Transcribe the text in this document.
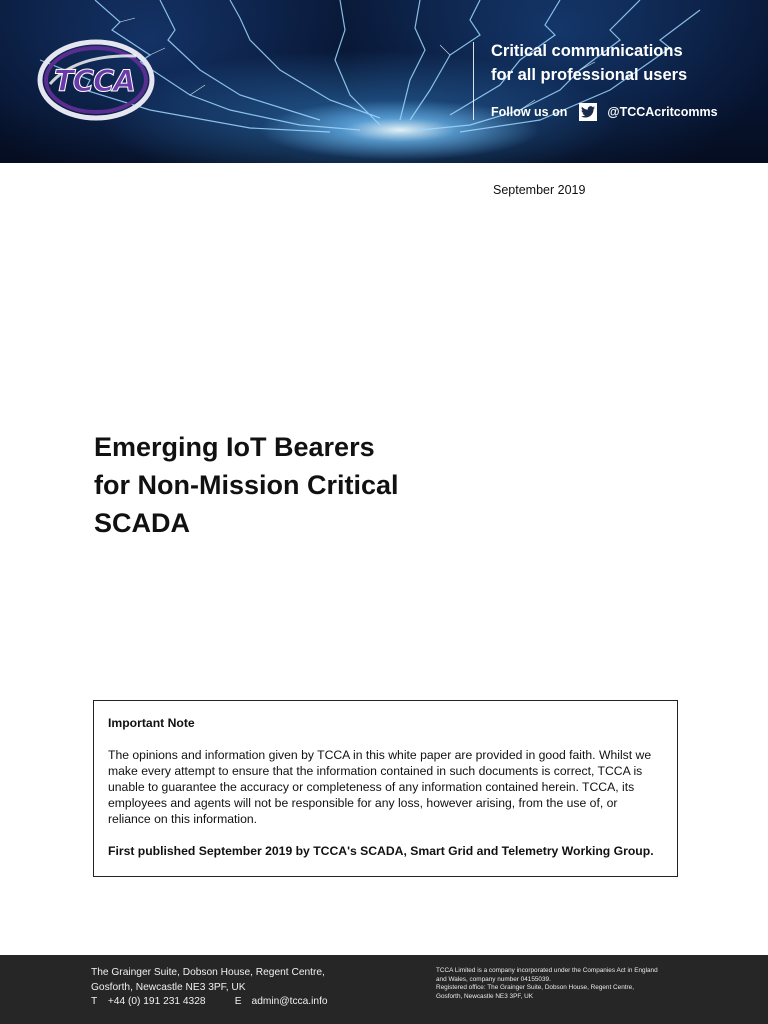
TCCA
Critical communications
for all professional users
Follow us on	@TCCAcritcomms
September 2019
Emerging IoT Bearers
for Non-Mission Critical
SCADA
Important Note
The opinions and information given by TCCA in this white paper are provided in good faith. Whilst we make every attempt to ensure that the information contained in such documents is correct, TCCA is unable to guarantee the accuracy or completeness of any information contained herein. TCCA, its employees and agents will not be responsible for any loss, however arising, from the use of, or reliance on this information.
First published September 2019 by TCCA's SCADA, Smart Grid and Telemetry Working Group.
The Grainger Suite, Dobson House, Regent Centre,
Gosforth, Newcastle NE3 3PF, UK
T +44 (0) 191 231 4328	E admin@tcca.info
TCCA Limited is a company incorporated under the Companies Act in England
and Wales, company number 04155039.
Registered office: The Grainger Suite, Dobson House, Regent Centre,
Gosforth, Newcastle NE3 3PF, UK
